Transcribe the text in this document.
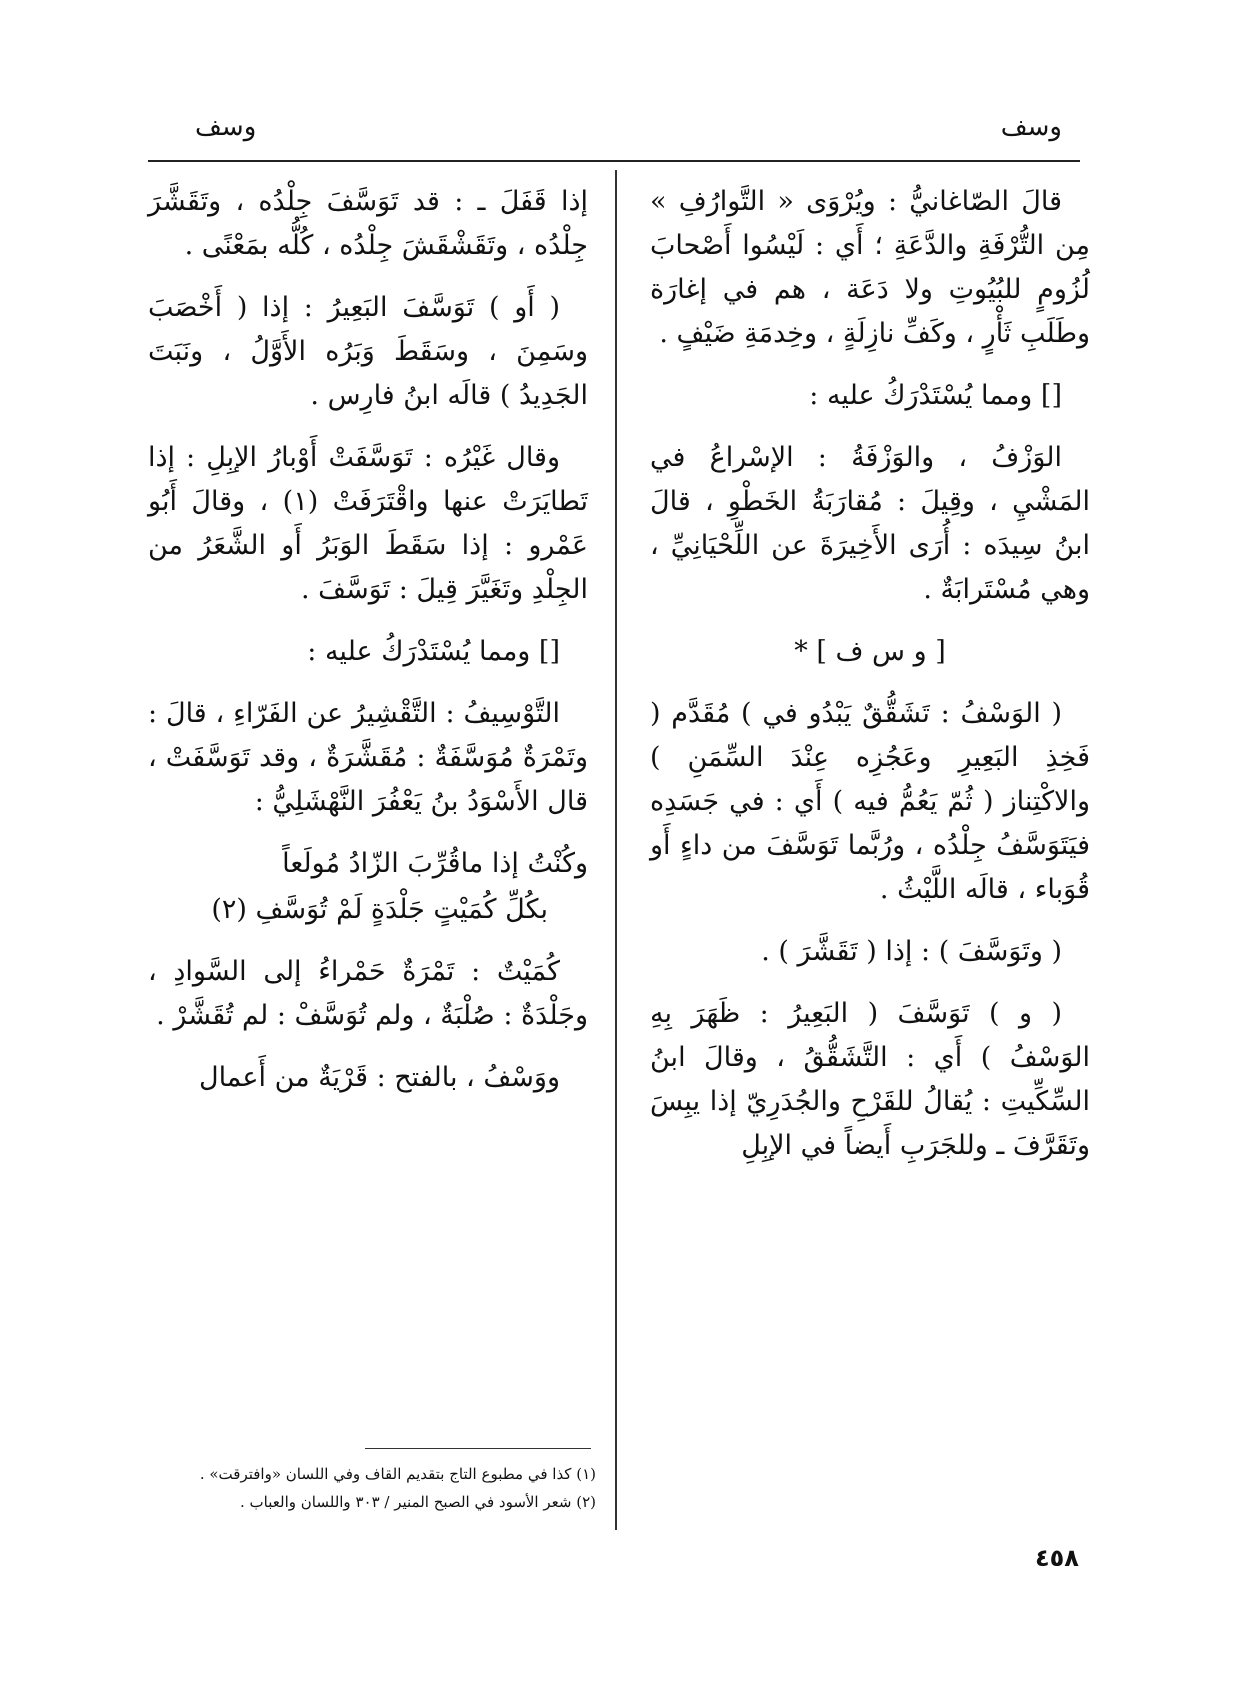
وسف
وسف

قالَ الصّاغانيُّ : ويُرْوَى « التَّوارُفِ » مِن التُّرْفَةِ والدَّعَةِ ؛ أَي : لَيْسُوا أَصْحابَ لُزُومٍ للبُيُوتِ ولا دَعَة ، هم في إغارَة وطَلَبِ ثَأْرٍ ، وكَفِّ نازِلَةٍ ، وخِدمَةِ ضَيْفٍ .

[] ومما يُسْتَدْرَكُ عليه :

الوَزْفُ ، والوَزْفَةُ : الإسْراعُ في المَشْيِ ، وقِيلَ : مُقارَبَةُ الخَطْوِ ، قالَ ابنُ سِيدَه : أُرَى الأَخِيرَةَ عن اللِّحْيَانِيِّ ، وهي مُسْتَرابَةٌ .

[ و س ف ] *

( الوَسْفُ : تَشَقُّقٌ يَبْدُو في ) مُقَدَّم ( فَخِذِ البَعِيرِ وعَجُزِه عِنْدَ السِّمَنِ ) والاكْتِناز ( ثُمّ يَعُمُّ فيه ) أَي : في جَسَدِه فيَتَوَسَّفُ جِلْدُه ، ورُبَّما تَوَسَّفَ من داءٍ أَو قُوَباء ، قالَه اللَّيْثُ .

( وتَوَسَّفَ ) : إذا ( تَقَشَّرَ ) .

( و ) تَوَسَّفَ ( البَعِيرُ : ظَهَرَ بِهِ الوَسْفُ ) أَي : التَّشَقُّقُ ، وقالَ ابنُ السِّكِّيتِ : يُقالُ للقَرْحِ والجُدَرِيّ إذا يبِسَ وتَقَرَّفَ ـ وللجَرَبِ أَيضاً في الإبِلِ

إذا قَفَلَ ـ : قد تَوَسَّفَ جِلْدُه ، وتَقَشَّرَ جِلْدُه ، وتَقَشْقَشَ جِلْدُه ، كُلُّه بمَعْنًى .

( أَو ) تَوَسَّفَ البَعِيرُ : إذا ( أَخْصَبَ وسَمِنَ ، وسَقَطَ وَبَرُه الأَوَّلُ ، ونَبَتَ الجَدِيدُ ) قالَه ابنُ فارِس .

وقال غَيْرُه : تَوَسَّفَتْ أَوْبارُ الإبِلِ : إذا تَطايَرَتْ عنها واقْتَرَفَتْ (١) ، وقالَ أَبُو عَمْرو : إذا سَقَطَ الوَبَرُ أَو الشَّعَرُ من الجِلْدِ وتَغَيَّرَ قِيلَ : تَوَسَّفَ .

[] ومما يُسْتَدْرَكُ عليه :

التَّوْسِيفُ : التَّقْشِيرُ عن الفَرّاءِ ، قالَ : وتَمْرَةٌ مُوَسَّفَةٌ : مُقَشَّرَةٌ ، وقد تَوَسَّفَتْ ، قال الأَسْوَدُ بنُ يَعْفُرَ النَّهْشَلِيُّ :

وكُنْتُ إذا ماقُرِّبَ الزّادُ مُولَعاً

بكُلِّ كُمَيْتٍ جَلْدَةٍ لَمْ تُوَسَّفِ (٢)

كُمَيْتٌ : تَمْرَةٌ حَمْراءُ إلى السَّوادِ ، وجَلْدَةٌ : صُلْبَةٌ ، ولم تُوَسَّفْ : لم تُقَشَّرْ .

ووَسْفُ ، بالفتح : قَرْيَةٌ من أَعمال

(١) كذا في مطبوع التاج بتقديم القاف وفي اللسان «وافترقت» .

(٢) شعر الأسود في الصبح المنير / ٣٠٣ واللسان والعباب .

٤٥٨
